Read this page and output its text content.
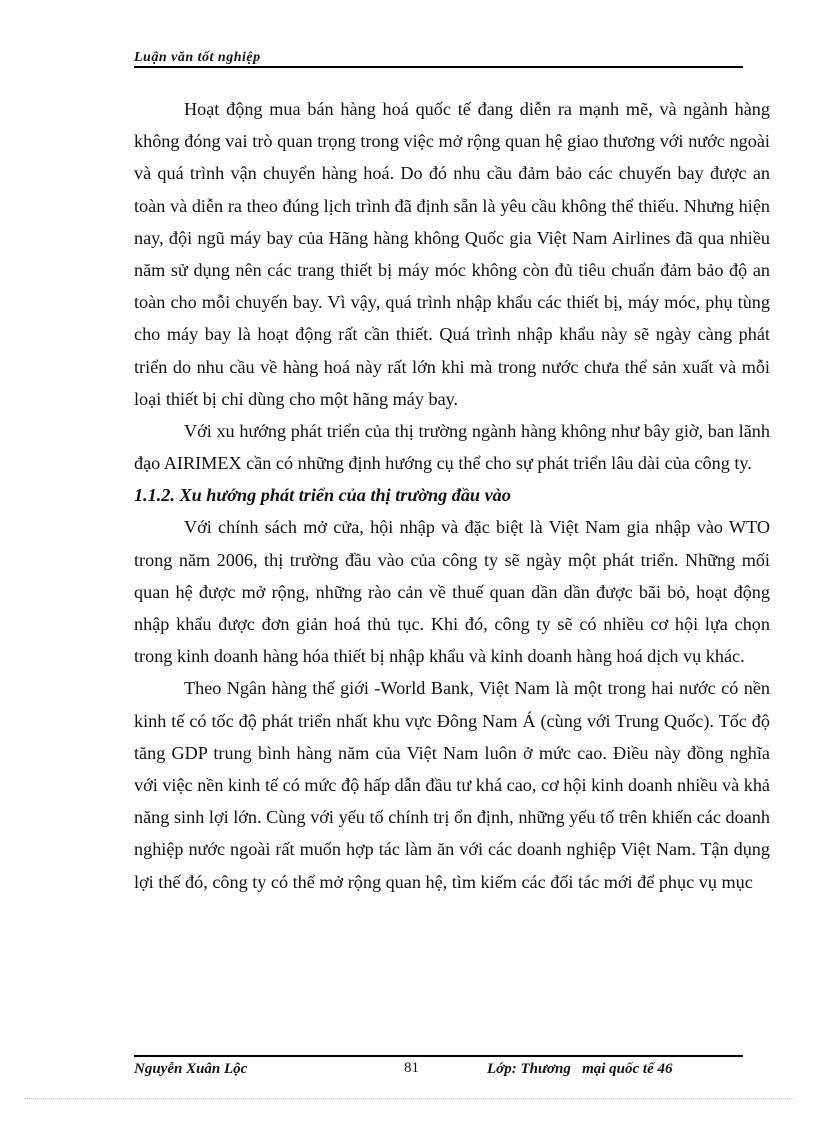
Luận văn tốt nghiệp

Hoạt động mua bán hàng hoá quốc tế đang diễn ra mạnh mẽ, và ngành hàng không đóng vai trò quan trọng trong việc mở rộng quan hệ giao thương với nước ngoài và quá trình vận chuyển hàng hoá. Do đó nhu cầu đảm bảo các chuyến bay được an toàn và diễn ra theo đúng lịch trình đã định sẵn là yêu cầu không thể thiếu. Nhưng hiện nay, đội ngũ máy bay của Hãng hàng không Quốc gia Việt Nam Airlines đã qua nhiều năm sử dụng nên các trang thiết bị máy móc không còn đủ tiêu chuẩn đảm bảo độ an toàn cho mỗi chuyến bay. Vì vậy, quá trình nhập khẩu các thiết bị, máy móc, phụ tùng cho máy bay là hoạt động rất cần thiết. Quá trình nhập khẩu này sẽ ngày càng phát triển do nhu cầu về hàng hoá này rất lớn khi mà trong nước chưa thể sản xuất và mỗi loại thiết bị chỉ dùng cho một hãng máy bay.

Với xu hướng phát triển của thị trường ngành hàng không như bây giờ, ban lãnh đạo AIRIMEX cần có những định hướng cụ thể cho sự phát triển lâu dài của công ty.

1.1.2. Xu hướng phát triển của thị trường đầu vào

Với chính sách mở cửa, hội nhập và đặc biệt là Việt Nam gia nhập vào WTO trong năm 2006, thị trường đầu vào của công ty sẽ ngày một phát triển. Những mối quan hệ được mở rộng, những rào cản về thuế quan dần dần được bãi bỏ, hoạt động nhập khẩu được đơn giản hoá thủ tục. Khi đó, công ty sẽ có nhiều cơ hội lựa chọn trong kinh doanh hàng hóa thiết bị nhập khẩu và kinh doanh hàng hoá dịch vụ khác.

Theo Ngân hàng thế giới -World Bank, Việt Nam là một trong hai nước có nền kinh tế có tốc độ phát triển nhất khu vực Đông Nam Á (cùng với Trung Quốc). Tốc độ tăng GDP trung bình hàng năm của Việt Nam luôn ở mức cao. Điều này đồng nghĩa với việc nền kinh tế có mức độ hấp dẫn đầu tư khá cao, cơ hội kinh doanh nhiều và khả năng sinh lợi lớn. Cùng với yếu tố chính trị ổn định, những yếu tố trên khiến các doanh nghiệp nước ngoài rất muốn hợp tác làm ăn với các doanh nghiệp Việt Nam. Tận dụng lợi thế đó, công ty có thể mở rộng quan hệ, tìm kiếm các đối tác mới để phục vụ mục

Nguyễn Xuân Lộc	81	Lớp: Thương   mại quốc tế 46
